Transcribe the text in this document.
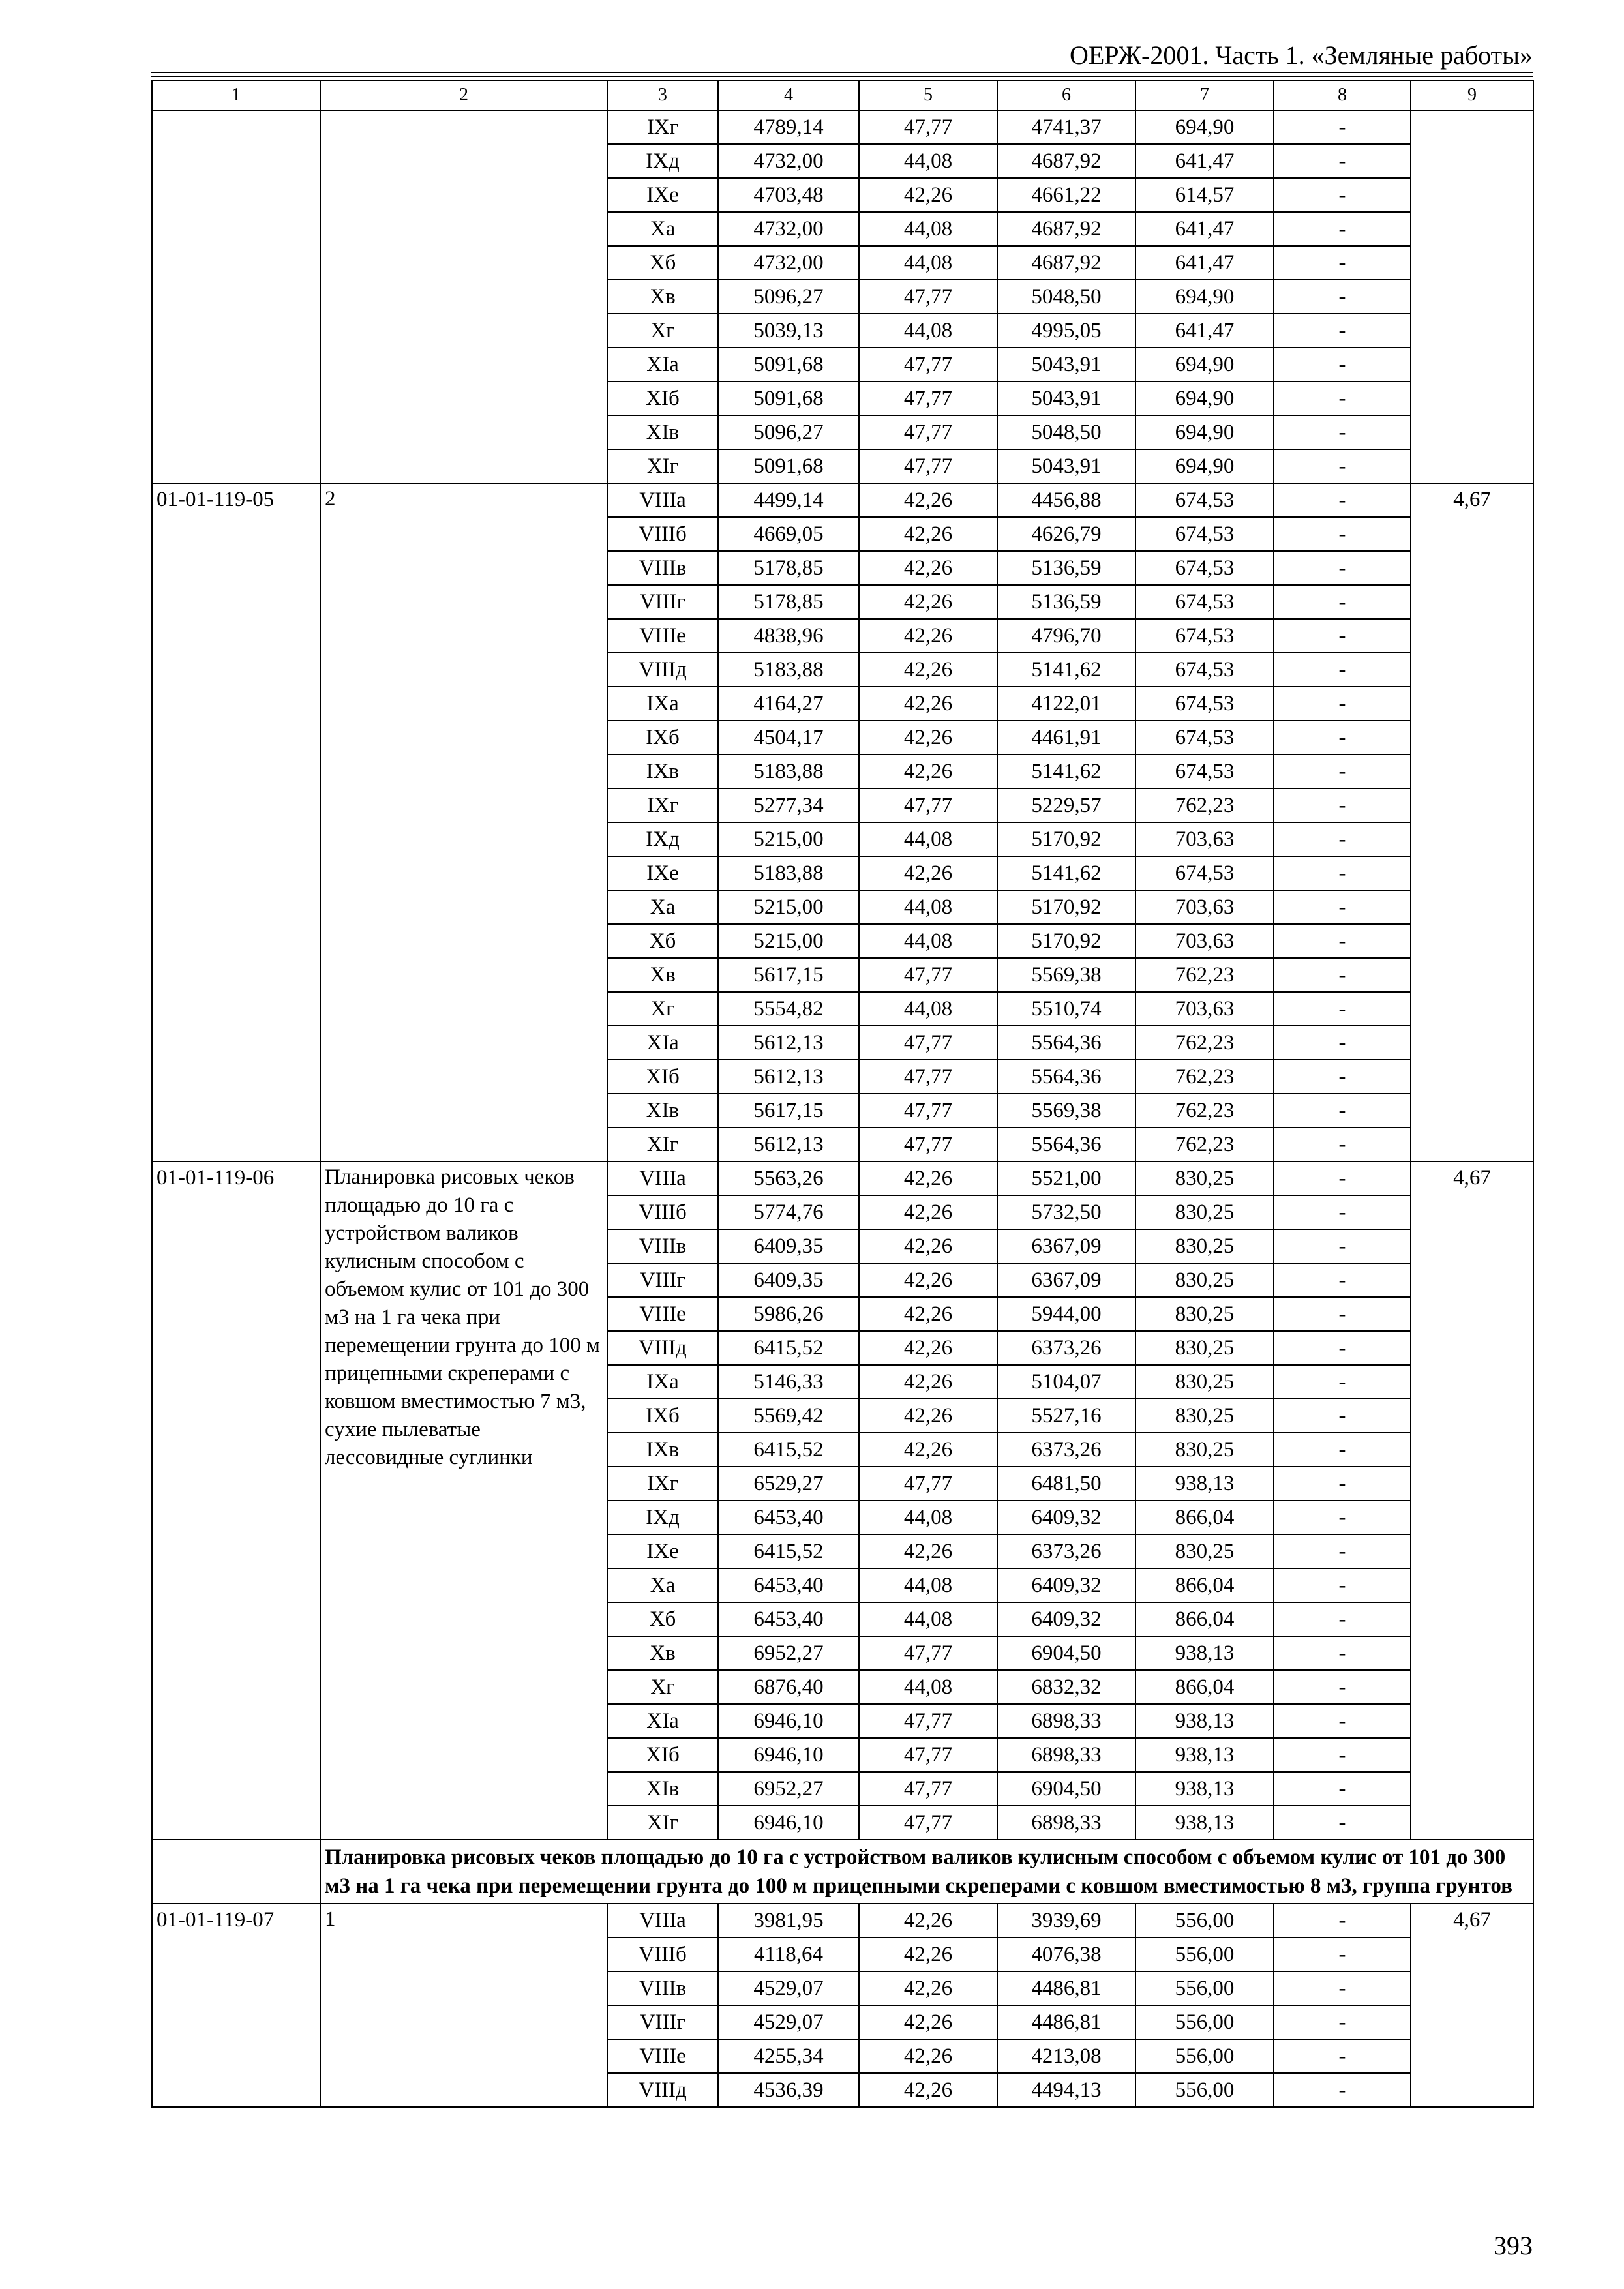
ОЕРЖ-2001. Часть 1. «Земляные работы»
1	2	3	4	5	6	7	8	9
		IXг	4789,14	47,77	4741,37	694,90	-	
		IXд	4732,00	44,08	4687,92	641,47	-	
		IXе	4703,48	42,26	4661,22	614,57	-	
		Xа	4732,00	44,08	4687,92	641,47	-	
		Xб	4732,00	44,08	4687,92	641,47	-	
		Xв	5096,27	47,77	5048,50	694,90	-	
		Xг	5039,13	44,08	4995,05	641,47	-	
		XIа	5091,68	47,77	5043,91	694,90	-	
		XIб	5091,68	47,77	5043,91	694,90	-	
		XIв	5096,27	47,77	5048,50	694,90	-	
		XIг	5091,68	47,77	5043,91	694,90	-	
01-01-119-05	2	VIIIа	4499,14	42,26	4456,88	674,53	-	4,67
		VIIIб	4669,05	42,26	4626,79	674,53	-	
		VIIIв	5178,85	42,26	5136,59	674,53	-	
		VIIIг	5178,85	42,26	5136,59	674,53	-	
		VIIIе	4838,96	42,26	4796,70	674,53	-	
		VIIIд	5183,88	42,26	5141,62	674,53	-	
		IXа	4164,27	42,26	4122,01	674,53	-	
		IXб	4504,17	42,26	4461,91	674,53	-	
		IXв	5183,88	42,26	5141,62	674,53	-	
		IXг	5277,34	47,77	5229,57	762,23	-	
		IXд	5215,00	44,08	5170,92	703,63	-	
		IXе	5183,88	42,26	5141,62	674,53	-	
		Xа	5215,00	44,08	5170,92	703,63	-	
		Xб	5215,00	44,08	5170,92	703,63	-	
		Xв	5617,15	47,77	5569,38	762,23	-	
		Xг	5554,82	44,08	5510,74	703,63	-	
		XIа	5612,13	47,77	5564,36	762,23	-	
		XIб	5612,13	47,77	5564,36	762,23	-	
		XIв	5617,15	47,77	5569,38	762,23	-	
		XIг	5612,13	47,77	5564,36	762,23	-	
01-01-119-06	Планировка рисовых чеков площадью до 10 га с устройством валиков кулисным способом с объемом кулис от 101 до 300 м3 на 1 га чека при перемещении грунта до 100 м прицепными скреперами с ковшом вместимостью 7 м3, сухие пылеватые лессовидные суглинки	VIIIа	5563,26	42,26	5521,00	830,25	-	4,67
		VIIIб	5774,76	42,26	5732,50	830,25	-	
		VIIIв	6409,35	42,26	6367,09	830,25	-	
		VIIIг	6409,35	42,26	6367,09	830,25	-	
		VIIIе	5986,26	42,26	5944,00	830,25	-	
		VIIIд	6415,52	42,26	6373,26	830,25	-	
		IXа	5146,33	42,26	5104,07	830,25	-	
		IXб	5569,42	42,26	5527,16	830,25	-	
		IXв	6415,52	42,26	6373,26	830,25	-	
		IXг	6529,27	47,77	6481,50	938,13	-	
		IXд	6453,40	44,08	6409,32	866,04	-	
		IXе	6415,52	42,26	6373,26	830,25	-	
		Xа	6453,40	44,08	6409,32	866,04	-	
		Xб	6453,40	44,08	6409,32	866,04	-	
		Xв	6952,27	47,77	6904,50	938,13	-	
		Xг	6876,40	44,08	6832,32	866,04	-	
		XIа	6946,10	47,77	6898,33	938,13	-	
		XIб	6946,10	47,77	6898,33	938,13	-	
		XIв	6952,27	47,77	6904,50	938,13	-	
		XIг	6946,10	47,77	6898,33	938,13	-	
	Планировка рисовых чеков площадью до 10 га с устройством валиков кулисным способом с объемом кулис от 101 до 300 м3 на 1 га чека при перемещении грунта до 100 м прицепными скреперами с ковшом вместимостью 8 м3, группа грунтов							
01-01-119-07	1	VIIIа	3981,95	42,26	3939,69	556,00	-	4,67
		VIIIб	4118,64	42,26	4076,38	556,00	-	
		VIIIв	4529,07	42,26	4486,81	556,00	-	
		VIIIг	4529,07	42,26	4486,81	556,00	-	
		VIIIе	4255,34	42,26	4213,08	556,00	-	
		VIIIд	4536,39	42,26	4494,13	556,00	-	
393
